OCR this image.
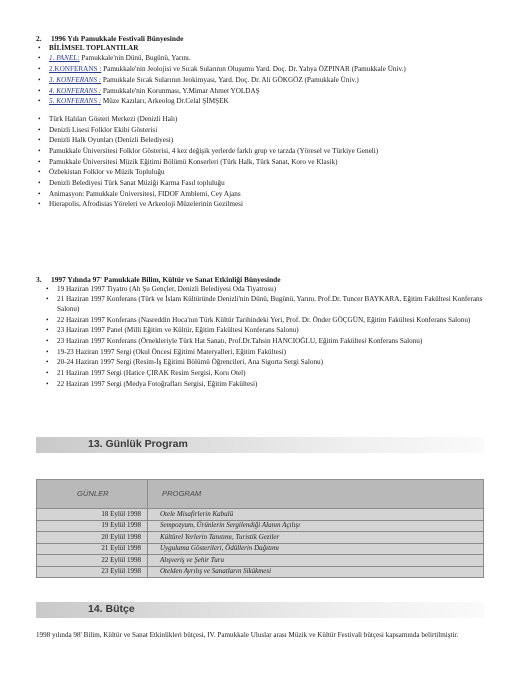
2.	1996 Yılı Pamukkale Festivali Bünyesinde
• BİLİMSEL TOPLANTILAR
• 1. PANEL: Pamukkale'nin Dünü, Bugünü, Yarını.
• 2.KONFERANS : Pamukkale'nin Jeolojisi ve Sıcak Sularının Oluşumu Yard. Doç. Dr. Yahya ÖZPINAR (Pamukkale Üniv.)
• 3. KONFERANS : Pamukkale Sıcak Sularının Jeokimyası, Yard. Doç. Dr. Ali GÖKGÖZ (Pamukkale Üniv.)
• 4. KONFERANS : Pamukkale'nin Korunması, Y.Mimar Ahmet YOLDAŞ
• 5. KONFERANS : Müze Kazıları, Arkeolog Dr.Celal ŞİMŞEK
• Türk Halıları Gösteri Merkezi (Denizli Halı)
• Denizli Lisesi Folklor Ekibi Gösterisi
• Denizli Halk Oyunları (Denizli Belediyesi)
• Pamukkale Üniversitesi Folklor Gösterisi, 4 kez değişik yerlerde farklı grup ve tarzda (Yöresel ve Türkiye Geneli)
• Pamukkale Üniversitesi Müzik Eğitimi Bölümü Konserleri (Türk Halk, Türk Sanat, Koro ve Klasik)
• Özbekistan Folklor ve Müzik Topluluğu
• Denizli Belediyesi Türk Sanat Müziği Karma Fasıl topluluğu
• Animasyon: Pamukkale Üniversitesi, FIDOF Amblemi, Cey Ajans
• Hierapolis, Afrodisias Yöreleri ve Arkeoloji Müzelerinin Gezilmesi
3.	1997 Yılında 97' Pamukkale Bilim, Kültür ve Sanat Etkinliği Bünyesinde
• 19 Haziran 1997 Tiyatro (Ah Şu Gençler, Denizli Belediyesi Oda Tiyatrosu)
• 21 Haziran 1997 Konferans (Türk ve İslam Kültüründe Denizli'nin Dünü, Bugünü, Yarını. Prof.Dr. Tuncer BAYKARA, Eğitim Fakültesi Konferans Salonu)
• 22 Haziran 1997 Konferans (Nasreddin Hoca'nın Türk Kültür Tarihindeki Yeri, Prof. Dr. Önder GÖÇGÜN, Eğitim Fakültesi Konferans Salonu)
• 23 Haziran 1997 Panel (Milli Eğitim ve Kültür, Eğitim Fakültesi Konferans Salonu)
• 23 Haziran 1997 Konferans (Örnekleriyle Türk Hat Sanatı, Prof.Dr.Tahsin HANCIOĞLU, Eğitim Fakültesi Konferans Salonu)
• 19-23 Haziran 1997 Sergi (Okul Öncesi Eğitimi Materyalleri, Eğitim Fakültesi)
• 20-24 Haziran 1997 Sergi (Resim-İş Eğitimi Bölümü Öğrencileri, Ana Sigorta Sergi Salonu)
• 21 Haziran 1997 Sergi (Hatice ÇIRAK Resim Sergisi, Koru Otel)
• 22 Haziran 1997 Sergi (Medya Fotoğrafları Sergisi, Eğitim Fakültesi)
13. Günlük Program
GÜNLER	PROGRAM
18 Eylül 1998	Otele Misafirlerin Kabulü
19 Eylül 1998	Sempozyum, Ürünlerin Sergilendiği Alanın Açılışı
20 Eylül 1998	Kültürel Yerlerin Tanıtımı, Turistik Geziler
21 Eylül 1998	Uygulama Gösterileri, Ödüllerin Dağıtımı
22 Eylül 1998	Alışveriş ve Şehir Turu
23 Eylül 1998	Otelden Ayrılış ve Sanatların Sikükmesi
14. Bütçe
1998 yılında 98' Bilim, Kültür ve Sanat Etkinlikleri bütçesi, IV. Pamukkale Uluslar arası Müzik ve Kültür Festivali bütçesi kapsamında belirtilmiştir.
